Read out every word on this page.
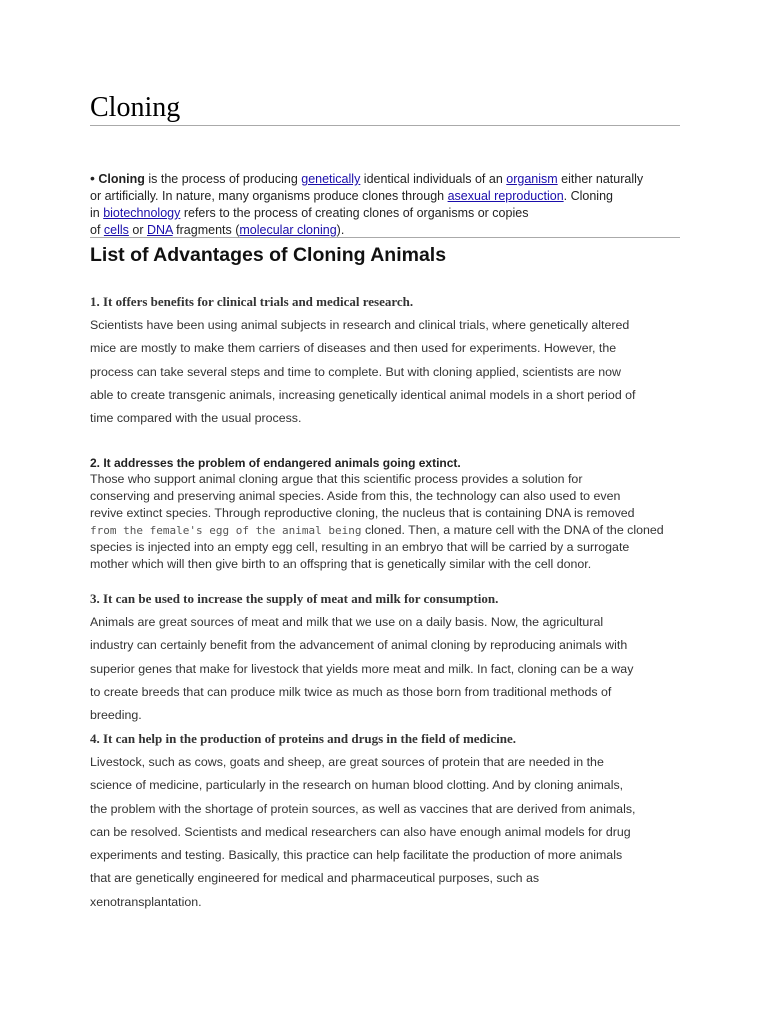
Cloning
• Cloning is the process of producing genetically identical individuals of an organism either naturally
or artificially. In nature, many organisms produce clones through asexual reproduction. Cloning
in biotechnology refers to the process of creating clones of organisms or copies
of cells or DNA fragments (molecular cloning).
List of Advantages of Cloning Animals
1. It offers benefits for clinical trials and medical research.
Scientists have been using animal subjects in research and clinical trials, where genetically altered
mice are mostly to make them carriers of diseases and then used for experiments. However, the
process can take several steps and time to complete. But with cloning applied, scientists are now
able to create transgenic animals, increasing genetically identical animal models in a short period of
time compared with the usual process.
2. It addresses the problem of endangered animals going extinct.
Those who support animal cloning argue that this scientific process provides a solution for
conserving and preserving animal species. Aside from this, the technology can also used to even
revive extinct species. Through reproductive cloning, the nucleus that is containing DNA is removed
from the female's egg of the animal being cloned. Then, a mature cell with the DNA of the cloned
species is injected into an empty egg cell, resulting in an embryo that will be carried by a surrogate
mother which will then give birth to an offspring that is genetically similar with the cell donor.
3. It can be used to increase the supply of meat and milk for consumption.
Animals are great sources of meat and milk that we use on a daily basis. Now, the agricultural
industry can certainly benefit from the advancement of animal cloning by reproducing animals with
superior genes that make for livestock that yields more meat and milk. In fact, cloning can be a way
to create breeds that can produce milk twice as much as those born from traditional methods of
breeding.
4. It can help in the production of proteins and drugs in the field of medicine.
Livestock, such as cows, goats and sheep, are great sources of protein that are needed in the
science of medicine, particularly in the research on human blood clotting. And by cloning animals,
the problem with the shortage of protein sources, as well as vaccines that are derived from animals,
can be resolved. Scientists and medical researchers can also have enough animal models for drug
experiments and testing. Basically, this practice can help facilitate the production of more animals
that are genetically engineered for medical and pharmaceutical purposes, such as
xenotransplantation.
